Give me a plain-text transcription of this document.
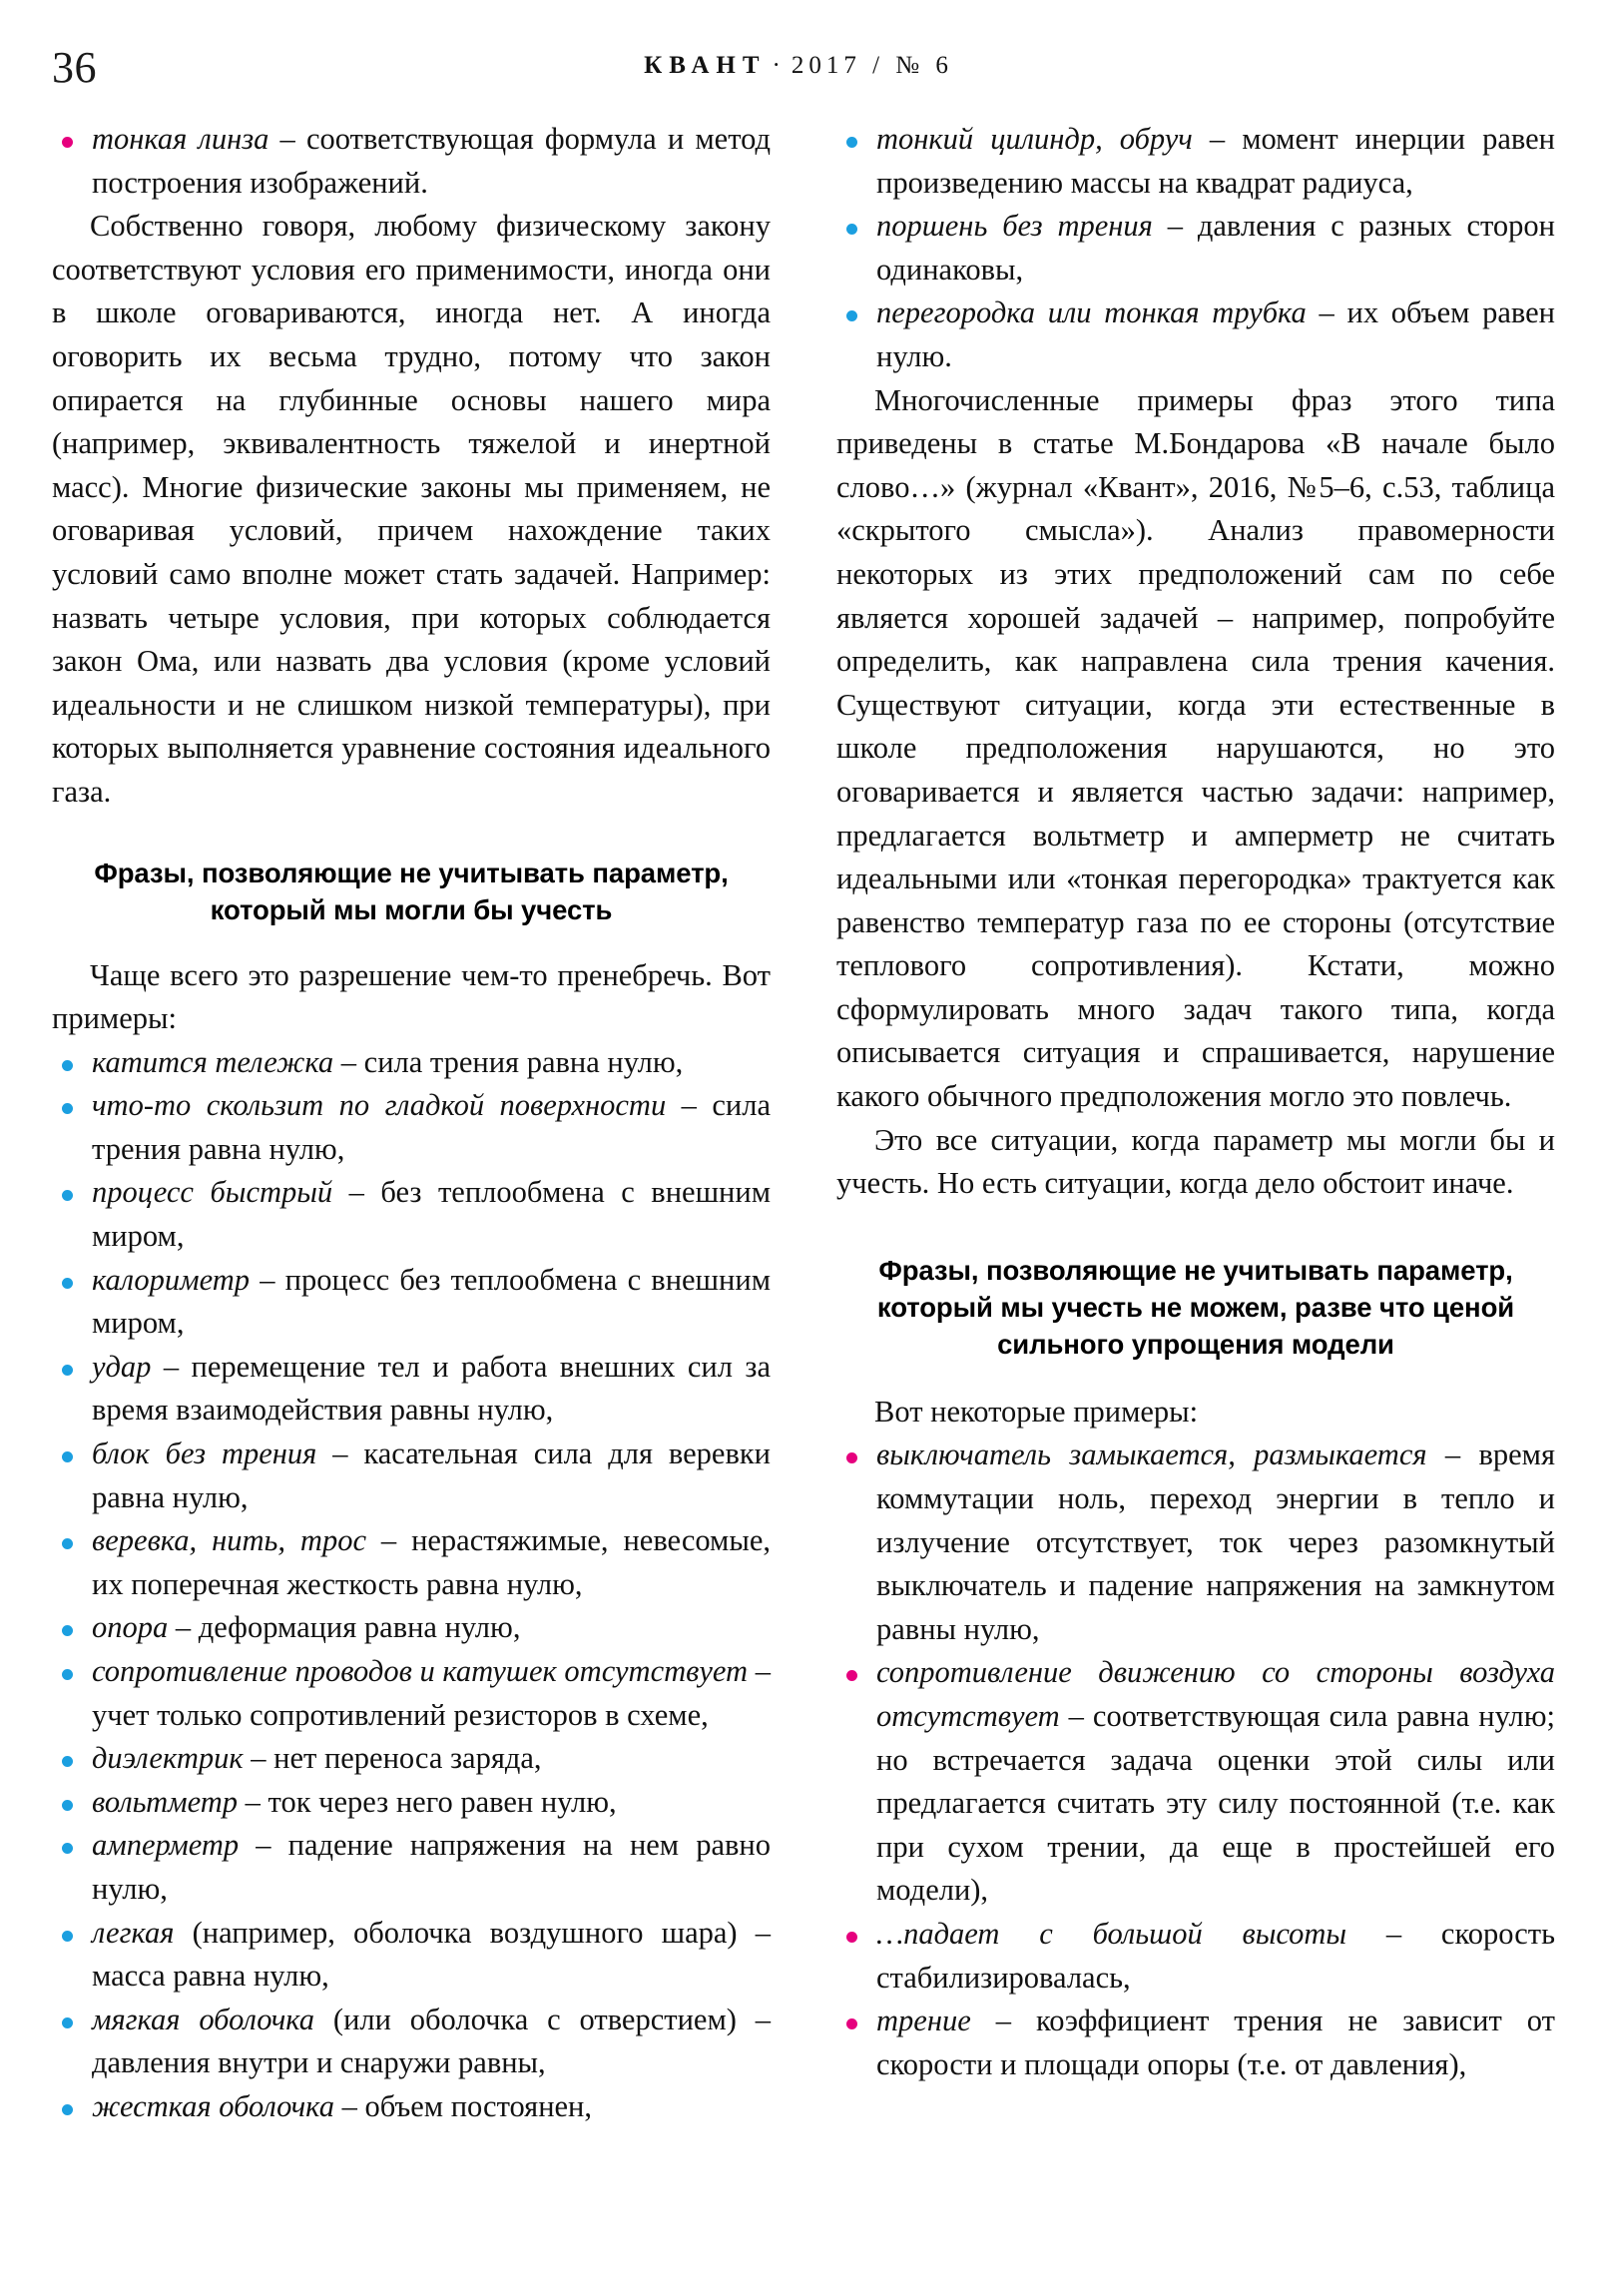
36	КВАНТ · 2017 / № 6
тонкая линза – соответствующая формула и метод построения изображений.

Собственно говоря, любому физическому закону соответствуют условия его применимости, иногда они в школе оговариваются, иногда нет. А иногда оговорить их весьма трудно, потому что закон опирается на глубинные основы нашего мира (например, эквивалентность тяжелой и инертной масс). Многие физические законы мы применяем, не оговаривая условий, причем нахождение таких условий само вполне может стать задачей. Например: назвать четыре условия, при которых соблюдается закон Ома, или назвать два условия (кроме условий идеальности и не слишком низкой температуры), при которых выполняется уравнение состояния идеального газа.

Фразы, позволяющие не учитывать параметр, который мы могли бы учесть

Чаще всего это разрешение чем-то пренебречь. Вот примеры:

катится тележка – сила трения равна нулю,
что-то скользит по гладкой поверхности – сила трения равна нулю,
процесс быстрый – без теплообмена с внешним миром,
калориметр – процесс без теплообмена с внешним миром,
удар – перемещение тел и работа внешних сил за время взаимодействия равны нулю,
блок без трения – касательная сила для веревки равна нулю,
веревка, нить, трос – нерастяжимые, невесомые, их поперечная жесткость равна нулю,
опора – деформация равна нулю,
сопротивление проводов и катушек отсутствует – учет только сопротивлений резисторов в схеме,
диэлектрик – нет переноса заряда,
вольтметр – ток через него равен нулю,
амперметр – падение напряжения на нем равно нулю,
легкая (например, оболочка воздушного шара) – масса равна нулю,
мягкая оболочка (или оболочка с отверстием) – давления внутри и снаружи равны,
жесткая оболочка – объем постоянен,
тонкий цилиндр, обруч – момент инерции равен произведению массы на квадрат радиуса,
поршень без трения – давления с разных сторон одинаковы,
перегородка или тонкая трубка – их объем равен нулю.

Многочисленные примеры фраз этого типа приведены в статье М.Бондарова «В начале было слово…» (журнал «Квант», 2016, №5–6, с.53, таблица «скрытого смысла»). Анализ правомерности некоторых из этих предположений сам по себе является хорошей задачей – например, попробуйте определить, как направлена сила трения качения. Существуют ситуации, когда эти естественные в школе предположения нарушаются, но это оговаривается и является частью задачи: например, предлагается вольтметр и амперметр не считать идеальными или «тонкая перегородка» трактуется как равенство температур газа по ее стороны (отсутствие теплового сопротивления). Кстати, можно сформулировать много задач такого типа, когда описывается ситуация и спрашивается, нарушение какого обычного предположения могло это повлечь.

Это все ситуации, когда параметр мы могли бы и учесть. Но есть ситуации, когда дело обстоит иначе.

Фразы, позволяющие не учитывать параметр, который мы учесть не можем, разве что ценой сильного упрощения модели

Вот некоторые примеры:

выключатель замыкается, размыкается – время коммутации ноль, переход энергии в тепло и излучение отсутствует, ток через разомкнутый выключатель и падение напряжения на замкнутом равны нулю,
сопротивление движению со стороны воздуха отсутствует – соответствующая сила равна нулю; но встречается задача оценки этой силы или предлагается считать эту силу постоянной (т.е. как при сухом трении, да еще в простейшей его модели),
…падает с большой высоты – скорость стабилизировалась,
трение – коэффициент трения не зависит от скорости и площади опоры (т.е. от давления),
